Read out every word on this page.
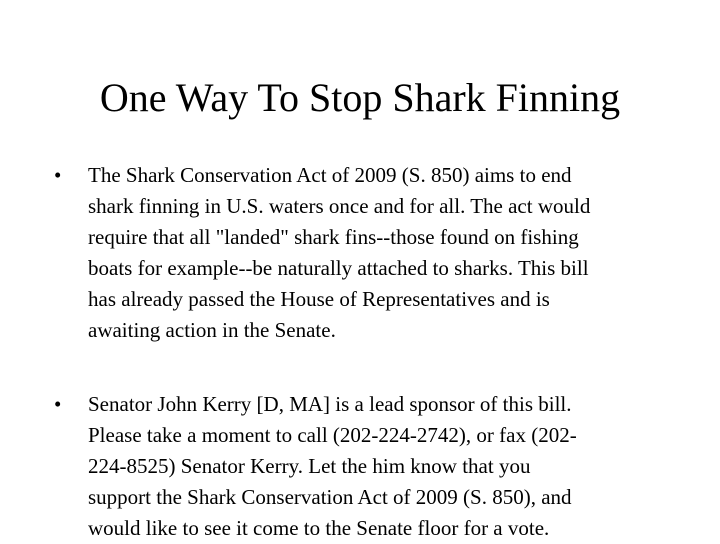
One Way To Stop Shark Finning
•	The Shark Conservation Act of 2009 (S. 850) aims to end
shark finning in U.S. waters once and for all. The act would
require that all "landed" shark fins--those found on fishing
boats for example--be naturally attached to sharks. This bill
has already passed the House of Representatives and is
awaiting action in the Senate.
•	Senator John Kerry [D, MA] is a lead sponsor of this bill.
Please take a moment to call (202-224-2742), or fax (202-
224-8525) Senator Kerry. Let the him know that you
support the Shark Conservation Act of 2009 (S. 850), and
would like to see it come to the Senate floor for a vote.
